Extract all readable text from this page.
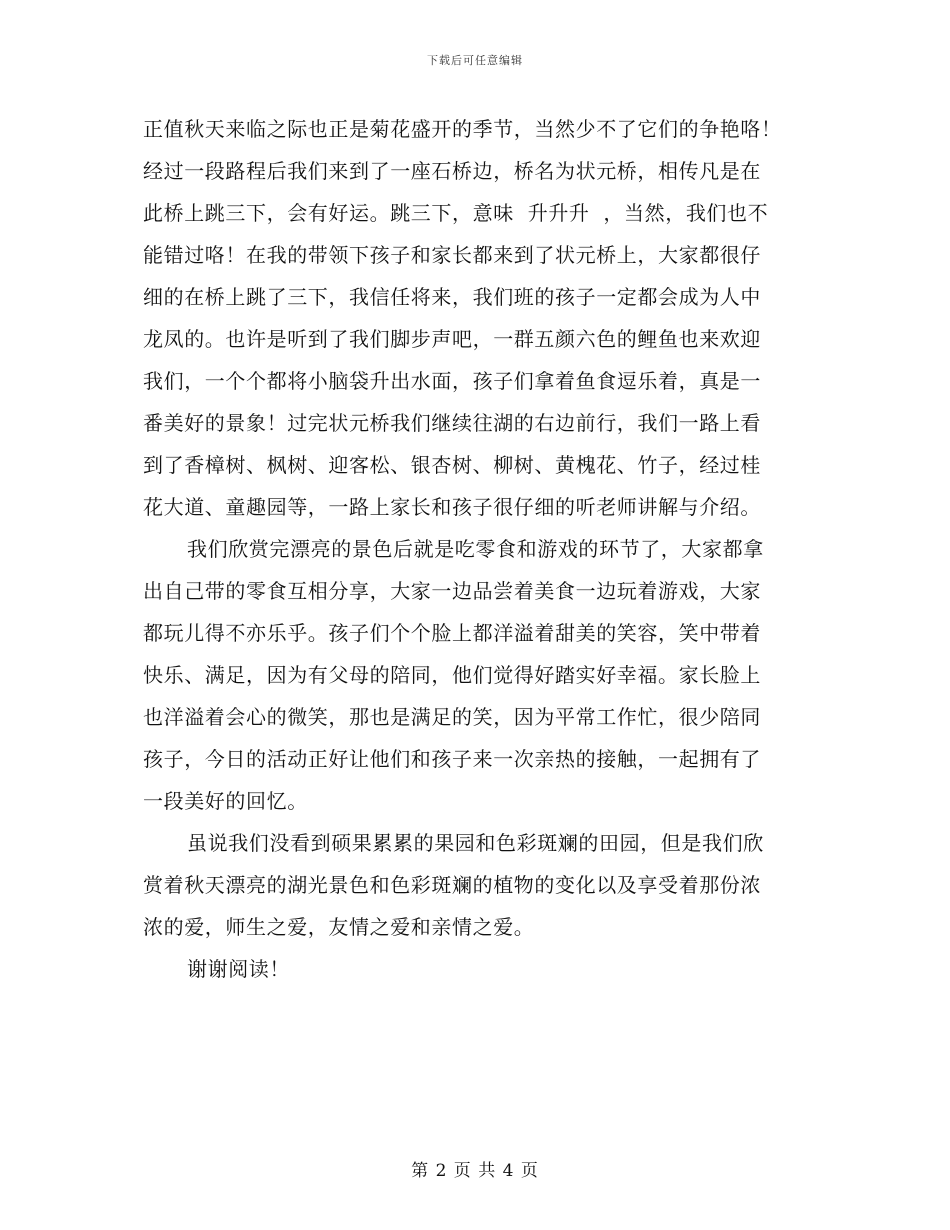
下载后可任意编辑
正值秋天来临之际也正是菊花盛开的季节，当然少不了它们的争艳咯！
经过一段路程后我们来到了一座石桥边，桥名为状元桥，相传凡是在
此桥上跳三下，会有好运。跳三下，意味  升升升  ，当然，我们也不
能错过咯！在我的带领下孩子和家长都来到了状元桥上，大家都很仔
细的在桥上跳了三下，我信任将来，我们班的孩子一定都会成为人中
龙凤的。也许是听到了我们脚步声吧，一群五颜六色的鲤鱼也来欢迎
我们，一个个都将小脑袋升出水面，孩子们拿着鱼食逗乐着，真是一
番美好的景象！过完状元桥我们继续往湖的右边前行，我们一路上看
到了香樟树、枫树、迎客松、银杏树、柳树、黄槐花、竹子，经过桂
花大道、童趣园等，一路上家长和孩子很仔细的听老师讲解与介绍。
我们欣赏完漂亮的景色后就是吃零食和游戏的环节了，大家都拿
出自己带的零食互相分享，大家一边品尝着美食一边玩着游戏，大家
都玩儿得不亦乐乎。孩子们个个脸上都洋溢着甜美的笑容，笑中带着
快乐、满足，因为有父母的陪同，他们觉得好踏实好幸福。家长脸上
也洋溢着会心的微笑，那也是满足的笑，因为平常工作忙，很少陪同
孩子，今日的活动正好让他们和孩子来一次亲热的接触，一起拥有了
一段美好的回忆。
虽说我们没看到硕果累累的果园和色彩斑斓的田园，但是我们欣
赏着秋天漂亮的湖光景色和色彩斑斓的植物的变化以及享受着那份浓
浓的爱，师生之爱，友情之爱和亲情之爱。
谢谢阅读！
第 2 页 共 4 页
